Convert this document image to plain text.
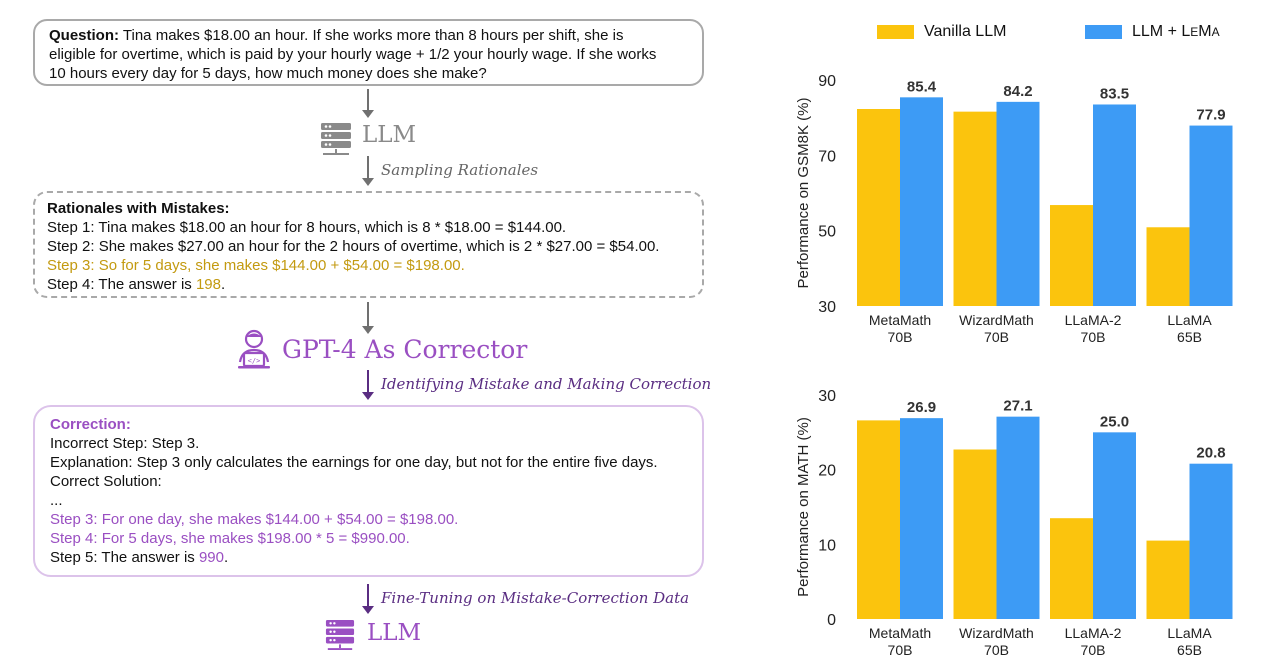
Question: Tina makes $18.00 an hour. If she works more than 8 hours per shift, she is
eligible for overtime, which is paid by your hourly wage + 1/2 your hourly wage. If she works
10 hours every day for 5 days, how much money does she make?
LLM
Sampling Rationales
Rationales with Mistakes:
Step 1: Tina makes $18.00 an hour for 8 hours, which is 8 * $18.00 = $144.00.
Step 2: She makes $27.00 an hour for the 2 hours of overtime, which is 2 * $27.00 = $54.00.
Step 3: So for 5 days, she makes $144.00 + $54.00 = $198.00.
Step 4: The answer is 198.
</> GPT-4 As Corrector
Identifying Mistake and Making Correction
Correction:
Incorrect Step: Step 3.
Explanation: Step 3 only calculates the earnings for one day, but not for the entire five days.
Correct Solution:
...
Step 3: For one day, she makes $144.00 + $54.00 = $198.00.
Step 4: For 5 days, she makes $198.00 * 5 = $990.00.
Step 5: The answer is 990.
Fine-Tuning on Mistake-Correction Data
LLM
Vanilla LLM	LLM + LEMA
30
50
70
90
Performance on GSM8K (%)
85.4
MetaMath
70B
84.2
WizardMath
70B
83.5
LLaMA-2
70B
77.9
LLaMA
65B
0
10
20
30
Performance on MATH (%)
26.9
MetaMath
70B
27.1
WizardMath
70B
25.0
LLaMA-2
70B
20.8
LLaMA
65B
